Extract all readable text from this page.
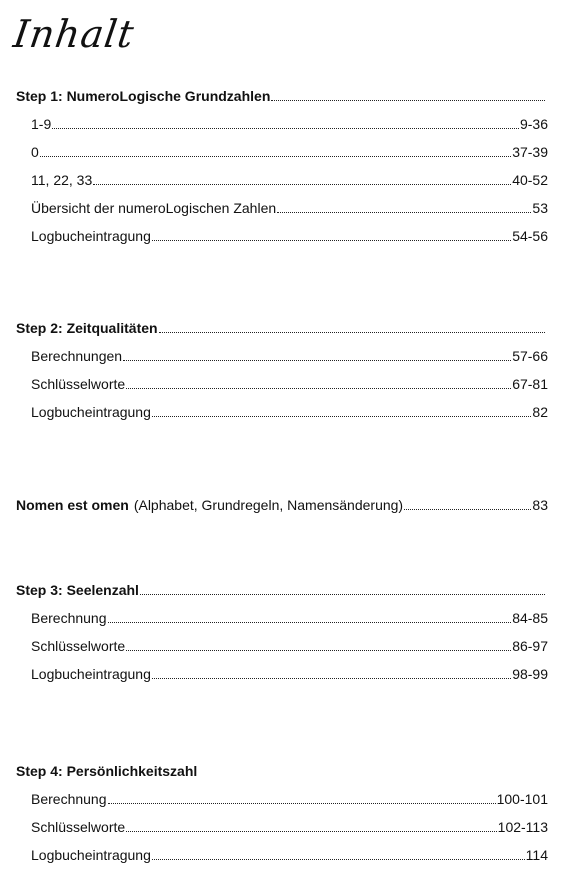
Inhalt
Step 1: NumeroLogische Grundzahlen
1-9	9-36
0	37-39
11, 22, 33	40-52
Übersicht der numeroLogischen Zahlen	53
Logbucheintragung	54-56
Step 2: Zeitqualitäten
Berechnungen	57-66
Schlüsselworte	67-81
Logbucheintragung	82
Nomen est omen (Alphabet, Grundregeln, Namensänderung)	83
Step 3: Seelenzahl
Berechnung	84-85
Schlüsselworte	86-97
Logbucheintragung	98-99
Step 4: Persönlichkeitszahl
Berechnung	100-101
Schlüsselworte	102-113
Logbucheintragung	114
